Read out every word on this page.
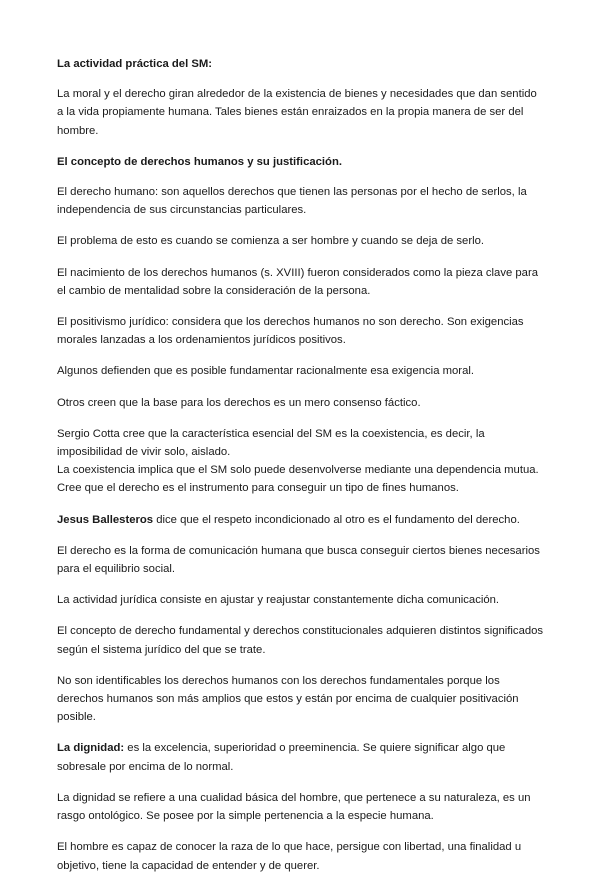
La actividad práctica del SM:

La moral y el derecho giran alrededor de la existencia de bienes y necesidades que dan sentido a la vida propiamente humana. Tales bienes están enraizados en la propia manera de ser del hombre.

El concepto de derechos humanos y su justificación.

El derecho humano: son aquellos derechos que tienen las personas por el hecho de serlos, la independencia de sus circunstancias particulares.

El problema de esto es cuando se comienza a ser hombre y cuando se deja de serlo.

El nacimiento de los derechos humanos (s. XVIII) fueron considerados como la pieza clave para el cambio de mentalidad sobre la consideración de la persona.

El positivismo jurídico: considera que los derechos humanos no son derecho. Son exigencias morales lanzadas a los ordenamientos jurídicos positivos.

Algunos defienden que es posible fundamentar racionalmente esa exigencia moral.

Otros creen que la base para los derechos es un mero consenso fáctico.

Sergio Cotta cree que la característica esencial del SM es la coexistencia, es decir, la imposibilidad de vivir solo, aislado.
La coexistencia implica que el SM solo puede desenvolverse mediante una dependencia mutua.
Cree que el derecho es el instrumento para conseguir un tipo de fines humanos.

Jesus Ballesteros dice que el respeto incondicionado al otro es el fundamento del derecho.

El derecho es la forma de comunicación humana que busca conseguir ciertos bienes necesarios para el equilibrio social.

La actividad jurídica consiste en ajustar y reajustar constantemente dicha comunicación.

El concepto de derecho fundamental y derechos constitucionales adquieren distintos significados según el sistema jurídico del que se trate.

No son identificables los derechos humanos con los derechos fundamentales porque los derechos humanos son más amplios que estos y están por encima de cualquier positivación posible.

La dignidad: es la excelencia, superioridad o preeminencia. Se quiere significar algo que sobresale por encima de lo normal.

La dignidad se refiere a una cualidad básica del hombre, que pertenece a su naturaleza, es un rasgo ontológico. Se posee por la simple pertenencia a la especie humana.

El hombre es capaz de conocer la raza de lo que hace, persigue con libertad, una finalidad u objetivo, tiene la capacidad de entender y de querer.
